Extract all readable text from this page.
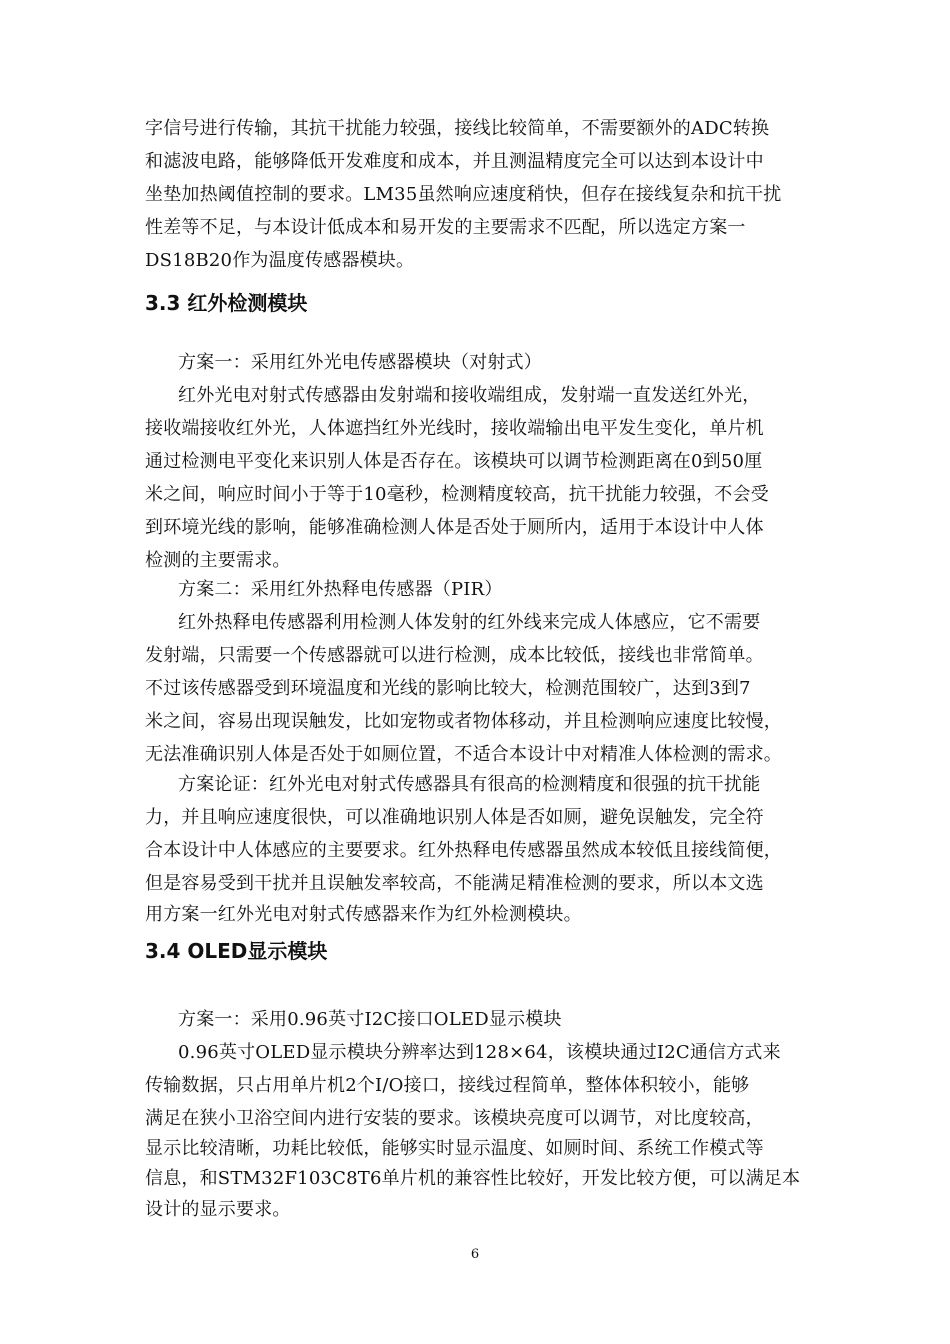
字信号进行传输，其抗干扰能力较强，接线比较简单，不需要额外的ADC转换
和滤波电路，能够降低开发难度和成本，并且测温精度完全可以达到本设计中
坐垫加热阈值控制的要求。LM35虽然响应速度稍快，但存在接线复杂和抗干扰
性差等不足，与本设计低成本和易开发的主要需求不匹配，所以选定方案一
DS18B20作为温度传感器模块。
3.3 红外检测模块
方案一：采用红外光电传感器模块（对射式）
红外光电对射式传感器由发射端和接收端组成，发射端一直发送红外光，
接收端接收红外光，人体遮挡红外光线时，接收端输出电平发生变化，单片机
通过检测电平变化来识别人体是否存在。该模块可以调节检测距离在0到50厘
米之间，响应时间小于等于10毫秒，检测精度较高，抗干扰能力较强，不会受
到环境光线的影响，能够准确检测人体是否处于厕所内，适用于本设计中人体
检测的主要需求。
方案二：采用红外热释电传感器（PIR）
红外热释电传感器利用检测人体发射的红外线来完成人体感应，它不需要
发射端，只需要一个传感器就可以进行检测，成本比较低，接线也非常简单。
不过该传感器受到环境温度和光线的影响比较大，检测范围较广，达到3到7
米之间，容易出现误触发，比如宠物或者物体移动，并且检测响应速度比较慢，
无法准确识别人体是否处于如厕位置，不适合本设计中对精准人体检测的需求。
方案论证：红外光电对射式传感器具有很高的检测精度和很强的抗干扰能
力，并且响应速度很快，可以准确地识别人体是否如厕，避免误触发，完全符
合本设计中人体感应的主要要求。红外热释电传感器虽然成本较低且接线简便，
但是容易受到干扰并且误触发率较高，不能满足精准检测的要求，所以本文选
用方案一红外光电对射式传感器来作为红外检测模块。
3.4 OLED显示模块
方案一：采用0.96英寸I2C接口OLED显示模块
0.96英寸OLED显示模块分辨率达到128×64，该模块通过I2C通信方式来
传输数据，只占用单片机2个I/O接口，接线过程简单，整体体积较小，能够
满足在狭小卫浴空间内进行安装的要求。该模块亮度可以调节，对比度较高，
显示比较清晰，功耗比较低，能够实时显示温度、如厕时间、系统工作模式等
信息，和STM32F103C8T6单片机的兼容性比较好，开发比较方便，可以满足本
设计的显示要求。
6
